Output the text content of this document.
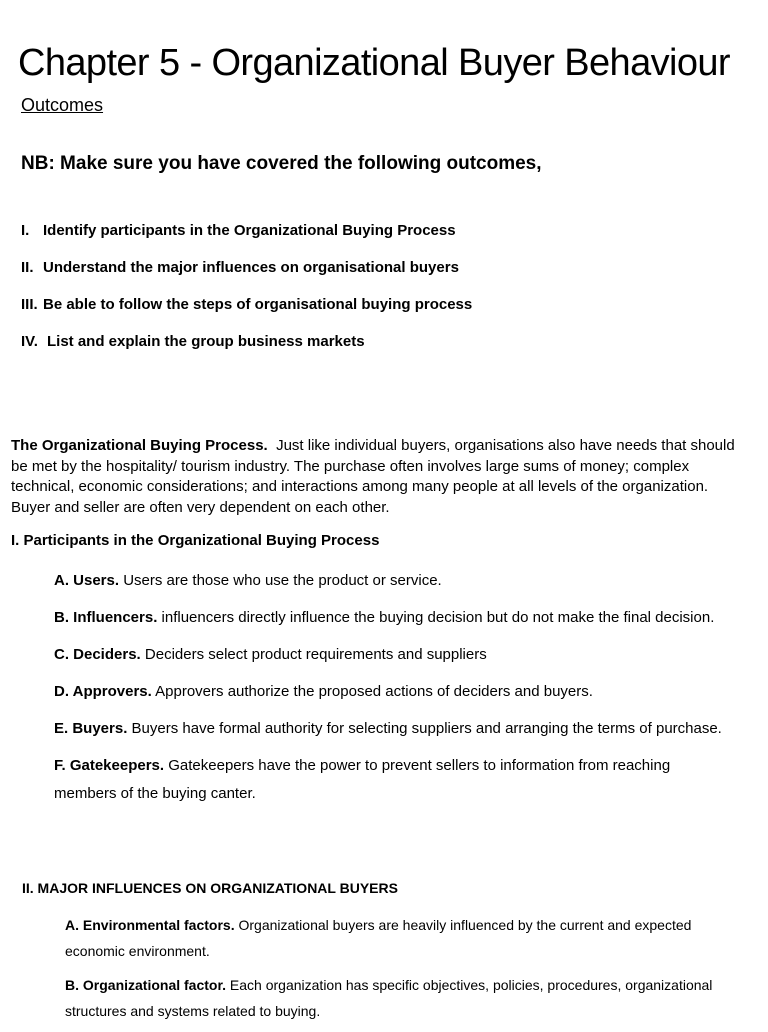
Chapter 5 - Organizational Buyer Behaviour

Outcomes

NB: Make sure you have covered the following outcomes,

I. Identify participants in the Organizational Buying Process
II. Understand the major influences on organisational buyers
III. Be able to follow the steps of organisational buying process
IV. List and explain the group business markets

The Organizational Buying Process. Just like individual buyers, organisations also have needs that should be met by the hospitality/ tourism industry. The purchase often involves large sums of money; complex technical, economic considerations; and interactions among many people at all levels of the organization. Buyer and seller are often very dependent on each other.

I. Participants in the Organizational Buying Process

A. Users. Users are those who use the product or service.

B. Influencers. influencers directly influence the buying decision but do not make the final decision.

C. Deciders. Deciders select product requirements and suppliers

D. Approvers. Approvers authorize the proposed actions of deciders and buyers.

E. Buyers. Buyers have formal authority for selecting suppliers and arranging the terms of purchase.

F. Gatekeepers. Gatekeepers have the power to prevent sellers to information from reaching members of the buying canter.

II. MAJOR INFLUENCES ON ORGANIZATIONAL BUYERS

A. Environmental factors. Organizational buyers are heavily influenced by the current and expected economic environment.

B. Organizational factor. Each organization has specific objectives, policies, procedures, organizational structures and systems related to buying.
